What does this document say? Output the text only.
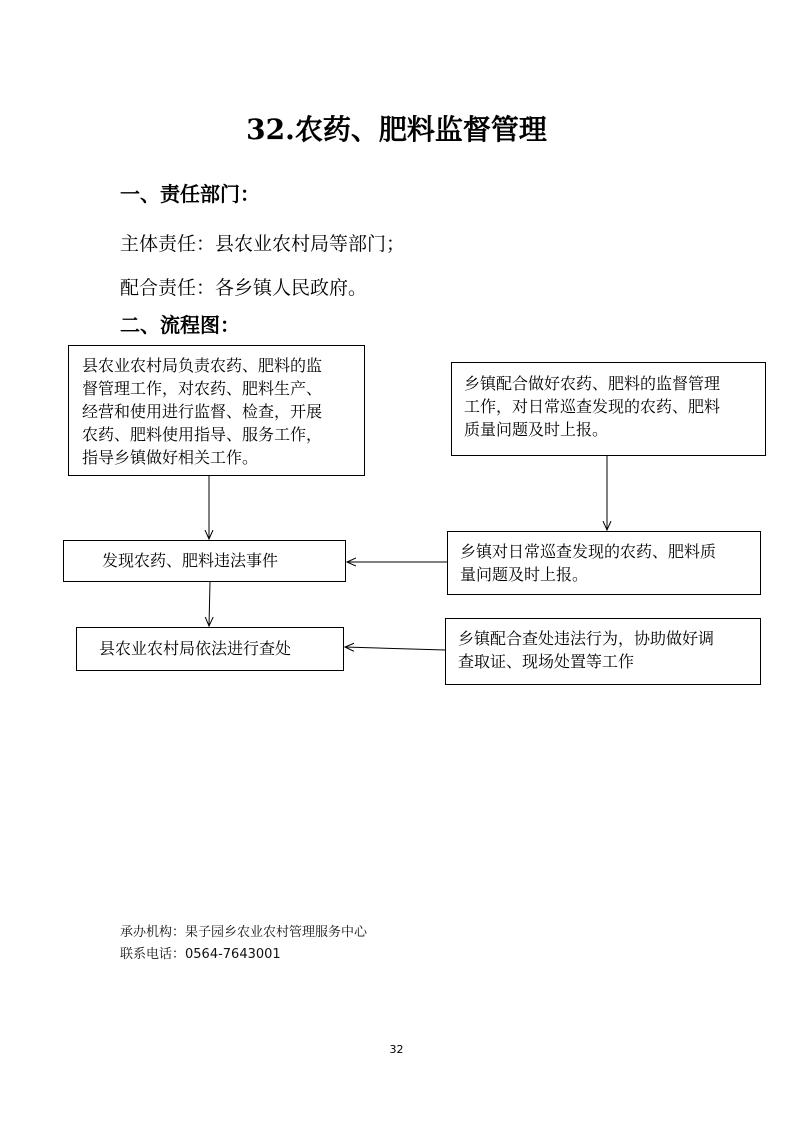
32.农药、肥料监督管理
一、责任部门：
主体责任：县农业农村局等部门；
配合责任：各乡镇人民政府。
二、流程图：
县农业农村局负责农药、肥料的监
督管理工作，对农药、肥料生产、
经营和使用进行监督、检查，开展
农药、肥料使用指导、服务工作，
指导乡镇做好相关工作。
乡镇配合做好农药、肥料的监督管理
工作，对日常巡查发现的农药、肥料
质量问题及时上报。
发现农药、肥料违法事件	乡镇对日常巡查发现的农药、肥料质
量问题及时上报。
县农业农村局依法进行查处
乡镇配合查处违法行为，协助做好调
查取证、现场处置等工作
承办机构：果子园乡农业农村管理服务中心
联系电话：0564-7643001
32
